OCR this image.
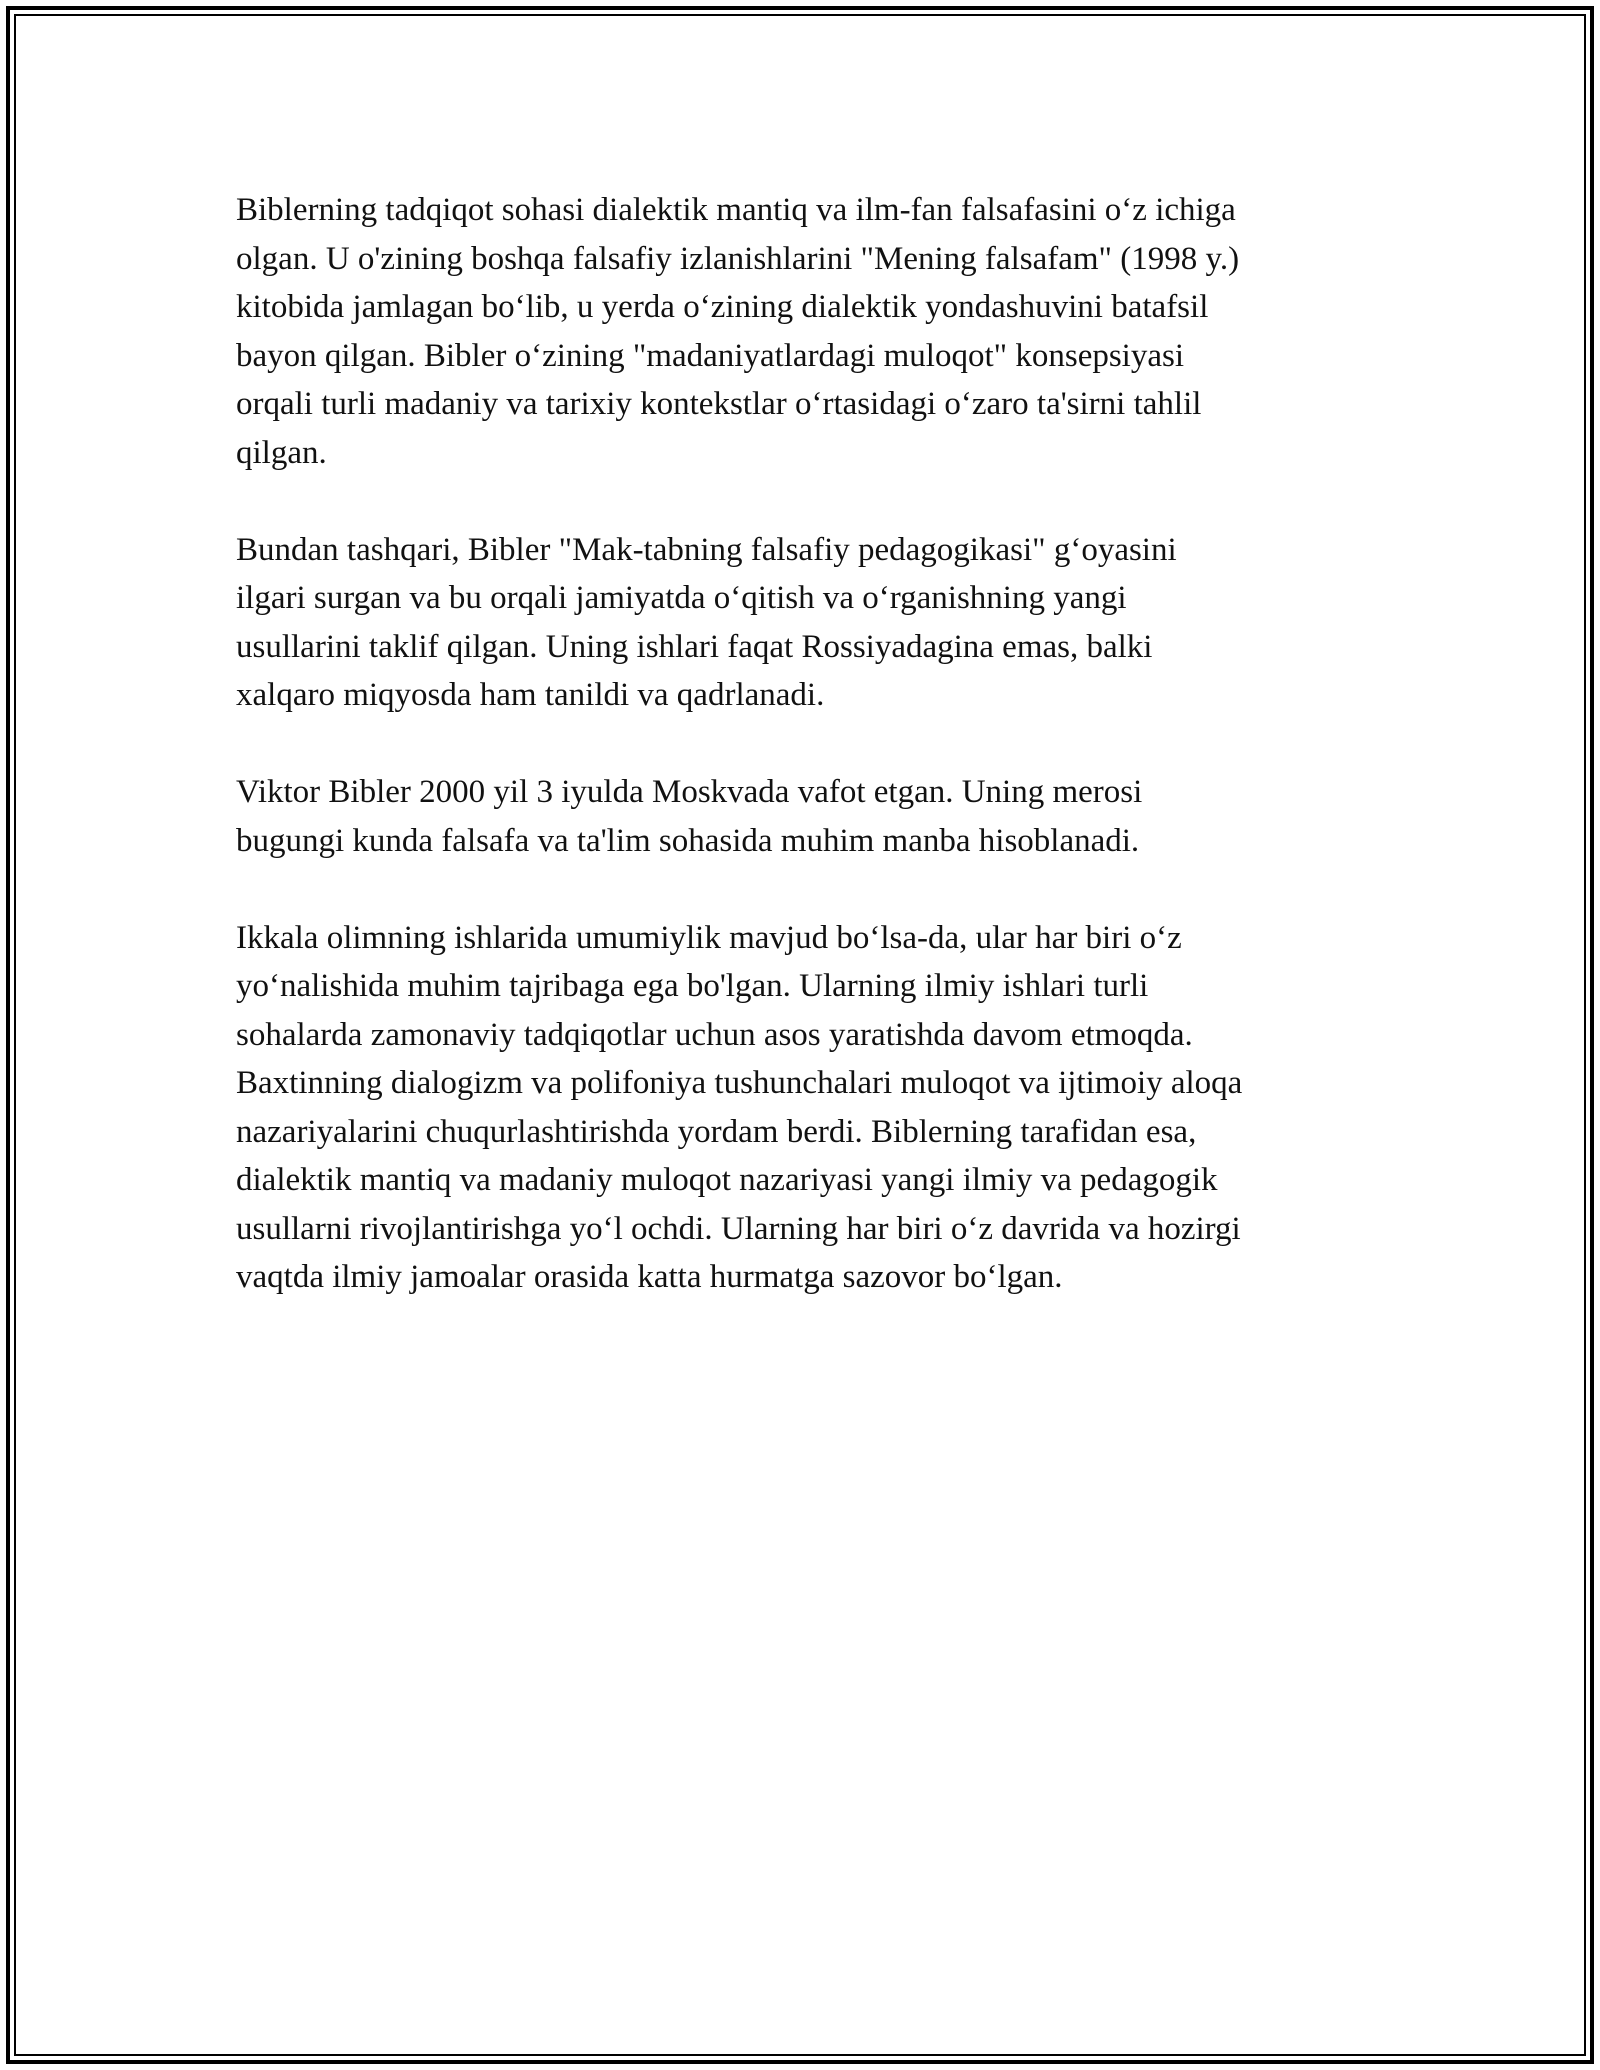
Biblerning tadqiqot sohasi dialektik mantiq va ilm-fan falsafasini o‘z ichiga
olgan. U o'zining boshqa falsafiy izlanishlarini "Mening falsafam" (1998 y.)
kitobida jamlagan bo‘lib, u yerda o‘zining dialektik yondashuvini batafsil
bayon qilgan. Bibler o‘zining "madaniyatlardagi muloqot" konsepsiyasi
orqali turli madaniy va tarixiy kontekstlar o‘rtasidagi o‘zaro ta'sirni tahlil
qilgan.

Bundan tashqari, Bibler "Mak-tabning falsafiy pedagogikasi" g‘oyasini
ilgari surgan va bu orqali jamiyatda o‘qitish va o‘rganishning yangi
usullarini taklif qilgan. Uning ishlari faqat Rossiyadagina emas, balki
xalqaro miqyosda ham tanildi va qadrlanadi.

Viktor Bibler 2000 yil 3 iyulda Moskvada vafot etgan. Uning merosi
bugungi kunda falsafa va ta'lim sohasida muhim manba hisoblanadi.

Ikkala olimning ishlarida umumiylik mavjud bo‘lsa-da, ular har biri o‘z
yo‘nalishida muhim tajribaga ega bo'lgan. Ularning ilmiy ishlari turli
sohalarda zamonaviy tadqiqotlar uchun asos yaratishda davom etmoqda.
Baxtinning dialogizm va polifoniya tushunchalari muloqot va ijtimoiy aloqa
nazariyalarini chuqurlashtirishda yordam berdi. Biblerning tarafidan esa,
dialektik mantiq va madaniy muloqot nazariyasi yangi ilmiy va pedagogik
usullarni rivojlantirishga yo‘l ochdi. Ularning har biri o‘z davrida va hozirgi
vaqtda ilmiy jamoalar orasida katta hurmatga sazovor bo‘lgan.
